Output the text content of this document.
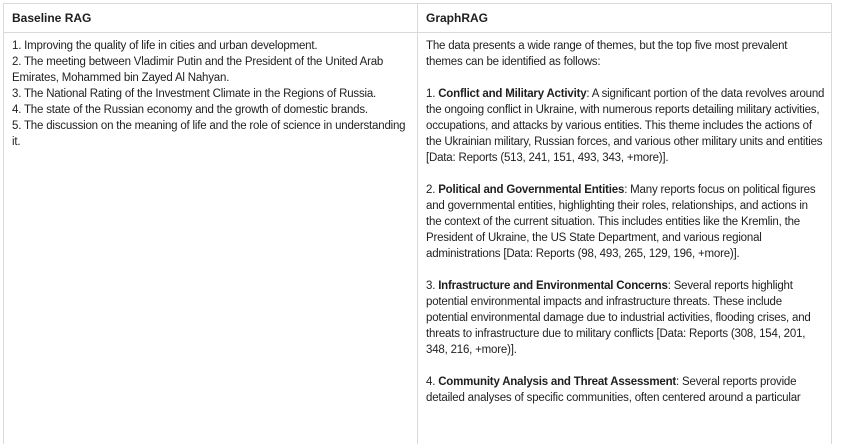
Baseline RAG
1. Improving the quality of life in cities and urban development.
2. The meeting between Vladimir Putin and the President of the United Arab Emirates, Mohammed bin Zayed Al Nahyan.
3. The National Rating of the Investment Climate in the Regions of Russia.
4. The state of the Russian economy and the growth of domestic brands.
5. The discussion on the meaning of life and the role of science in understanding it.
GraphRAG

The data presents a wide range of themes, but the top five most prevalent themes can be identified as follows:

1. Conflict and Military Activity: A significant portion of the data revolves around the ongoing conflict in Ukraine, with numerous reports detailing military activities, occupations, and attacks by various entities. This theme includes the actions of the Ukrainian military, Russian forces, and various other military units and entities [Data: Reports (513, 241, 151, 493, 343, +more)].

2. Political and Governmental Entities: Many reports focus on political figures and governmental entities, highlighting their roles, relationships, and actions in the context of the current situation. This includes entities like the Kremlin, the President of Ukraine, the US State Department, and various regional administrations [Data: Reports (98, 493, 265, 129, 196, +more)].

3. Infrastructure and Environmental Concerns: Several reports highlight potential environmental impacts and infrastructure threats. These include potential environmental damage due to industrial activities, flooding crises, and threats to infrastructure due to military conflicts [Data: Reports (308, 154, 201, 348, 216, +more)].

4. Community Analysis and Threat Assessment: Several reports provide detailed analyses of specific communities, often centered around a particular
